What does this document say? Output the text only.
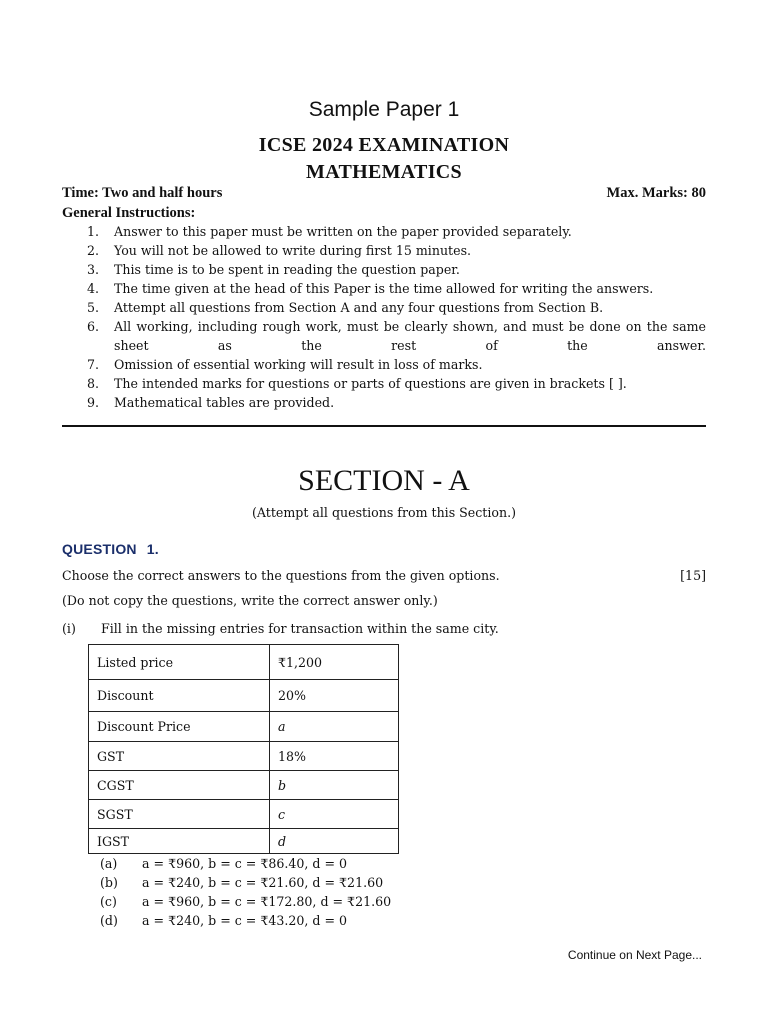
Sample Paper 1
ICSE 2024 EXAMINATION
MATHEMATICS
Time: Two and half hours	Max. Marks: 80
General Instructions:
1. Answer to this paper must be written on the paper provided separately.
2. You will not be allowed to write during first 15 minutes.
3. This time is to be spent in reading the question paper.
4. The time given at the head of this Paper is the time allowed for writing the answers.
5. Attempt all questions from Section A and any four questions from Section B.
6. All working, including rough work, must be clearly shown, and must be done on the same sheet as the rest of the answer.
7. Omission of essential working will result in loss of marks.
8. The intended marks for questions or parts of questions are given in brackets [ ].
9. Mathematical tables are provided.
SECTION - A
(Attempt all questions from this Section.)
QUESTION 1.
Choose the correct answers to the questions from the given options.	[15]
(Do not copy the questions, write the correct answer only.)
(i) Fill in the missing entries for transaction within the same city.
Listed price	₹1,200
Discount	20%
Discount Price	a
GST	18%
CGST	b
SGST	c
IGST	d
(a) a = ₹960, b = c = ₹86.40, d = 0
(b) a = ₹240, b = c = ₹21.60, d = ₹21.60
(c) a = ₹960, b = c = ₹172.80, d = ₹21.60
(d) a = ₹240, b = c = ₹43.20, d = 0
Continue on Next Page...
